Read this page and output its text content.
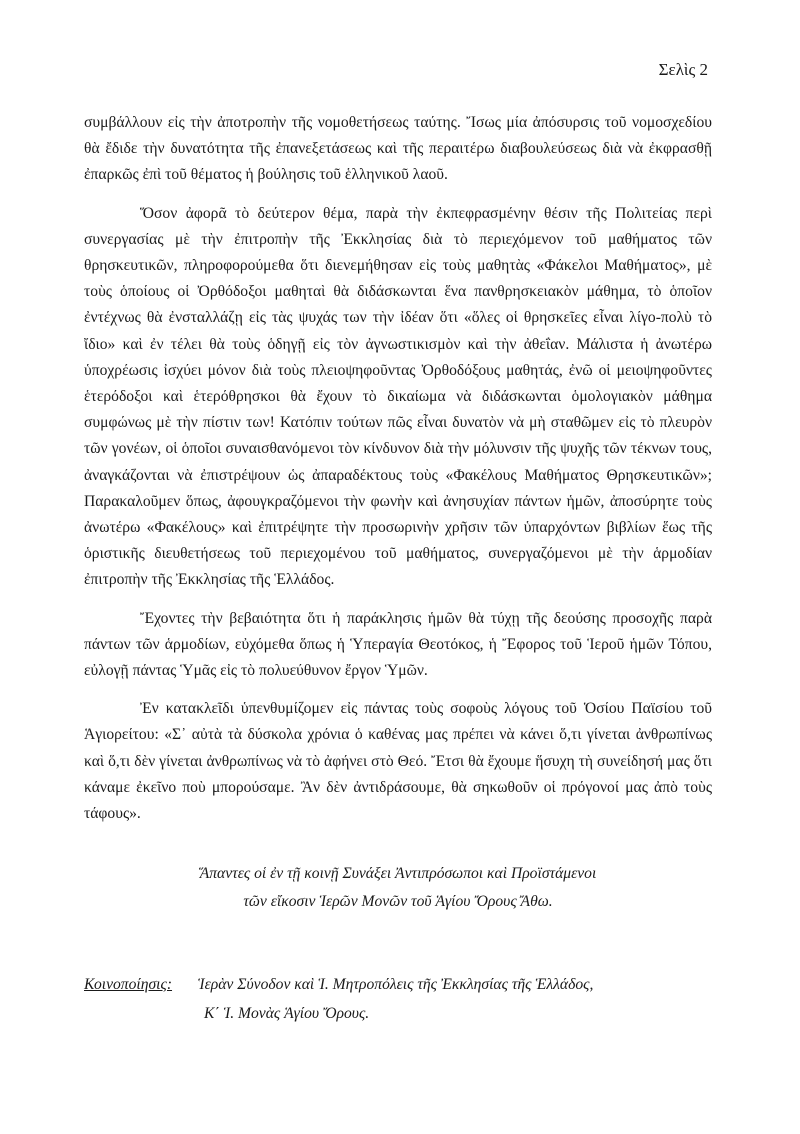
Σελὶς 2

συμβάλλουν εἰς τὴν ἀποτροπὴν τῆς νομοθετήσεως ταύτης. Ἴσως μία ἀπόσυρσις τοῦ νομοσχεδίου θὰ ἔδιδε τὴν δυνατότητα τῆς ἐπανεξετάσεως καὶ τῆς περαιτέρω διαβουλεύσεως διὰ νὰ ἐκφρασθῇ ἐπαρκῶς ἐπὶ τοῦ θέματος ἡ βούλησις τοῦ ἑλληνικοῦ λαοῦ.

Ὅσον ἀφορᾶ τὸ δεύτερον θέμα, παρὰ τὴν ἐκπεφρασμένην θέσιν τῆς Πολιτείας περὶ συνεργασίας μὲ τὴν ἐπιτροπὴν τῆς Ἐκκλησίας διὰ τὸ περιεχόμενον τοῦ μαθήματος τῶν θρησκευτικῶν, πληροφορούμεθα ὅτι διενεμήθησαν εἰς τοὺς μαθητὰς «Φάκελοι Μαθήματος», μὲ τοὺς ὁποίους οἱ Ὀρθόδοξοι μαθηταὶ θὰ διδάσκωνται ἕνα πανθρησκειακὸν μάθημα, τὸ ὁποῖον ἐντέχνως θὰ ἐνσταλλάζῃ εἰς τὰς ψυχάς των τὴν ἰδέαν ὅτι «ὅλες οἱ θρησκεῖες εἶναι λίγο-πολὺ τὸ ἴδιο» καὶ ἐν τέλει θὰ τοὺς ὁδηγῇ εἰς τὸν ἀγνωστικισμὸν καὶ τὴν ἀθεΐαν. Μάλιστα ἡ ἀνωτέρω ὑποχρέωσις ἰσχύει μόνον διὰ τοὺς πλειοψηφοῦντας Ὀρθοδόξους μαθητάς, ἐνῶ οἱ μειοψηφοῦντες ἑτερόδοξοι καὶ ἑτερόθρησκοι θὰ ἔχουν τὸ δικαίωμα νὰ διδάσκωνται ὁμολογιακὸν μάθημα συμφώνως μὲ τὴν πίστιν των! Κατόπιν τούτων πῶς εἶναι δυνατὸν νὰ μὴ σταθῶμεν εἰς τὸ πλευρὸν τῶν γονέων, οἱ ὁποῖοι συναισθανόμενοι τὸν κίνδυνον διὰ τὴν μόλυνσιν τῆς ψυχῆς τῶν τέκνων τους, ἀναγκάζονται νὰ ἐπιστρέψουν ὡς ἀπαραδέκτους τοὺς «Φακέλους Μαθήματος Θρησκευτικῶν»; Παρακαλοῦμεν ὅπως, ἀφουγκραζόμενοι τὴν φωνὴν καὶ ἀνησυχίαν πάντων ἡμῶν, ἀποσύρητε τοὺς ἀνωτέρω «Φακέλους» καὶ ἐπιτρέψητε τὴν προσωρινὴν χρῆσιν τῶν ὑπαρχόντων βιβλίων ἕως τῆς ὁριστικῆς διευθετήσεως τοῦ περιεχομένου τοῦ μαθήματος, συνεργαζόμενοι μὲ τὴν ἁρμοδίαν ἐπιτροπὴν τῆς Ἐκκλησίας τῆς Ἑλλάδος.

Ἔχοντες τὴν βεβαιότητα ὅτι ἡ παράκλησις ἡμῶν θὰ τύχῃ τῆς δεούσης προσοχῆς παρὰ πάντων τῶν ἁρμοδίων, εὐχόμεθα ὅπως ἡ Ὑπεραγία Θεοτόκος, ἡ Ἔφορος τοῦ Ἱεροῦ ἡμῶν Τόπου, εὐλογῇ πάντας Ὑμᾶς εἰς τὸ πολυεύθυνον ἔργον Ὑμῶν.

Ἐν κατακλεῖδι ὑπενθυμίζομεν εἰς πάντας τοὺς σοφοὺς λόγους τοῦ Ὁσίου Παϊσίου τοῦ Ἁγιορείτου: «Σ᾽ αὐτὰ τὰ δύσκολα χρόνια ὁ καθένας μας πρέπει νὰ κάνει ὅ,τι γίνεται ἀνθρωπίνως καὶ ὅ,τι δὲν γίνεται ἀνθρωπίνως νὰ τὸ ἀφήνει στὸ Θεό. Ἔτσι θὰ ἔχουμε ἥσυχη τὴ συνείδησή μας ὅτι κάναμε ἐκεῖνο ποὺ μπορούσαμε. Ἂν δὲν ἀντιδράσουμε, θὰ σηκωθοῦν οἱ πρόγονοί μας ἀπὸ τοὺς τάφους».

Ἅπαντες οἱ ἐν τῇ κοινῇ Συνάξει Ἀντιπρόσωποι καὶ Προϊστάμενοι
τῶν εἴκοσιν Ἱερῶν Μονῶν τοῦ Ἁγίου Ὄρους Ἄθω.
Κοινοποίησις: Ἱερὰν Σύνοδον καὶ Ἱ. Μητροπόλεις τῆς Ἐκκλησίας τῆς Ἑλλάδος,
Κ΄ Ἱ. Μονὰς Ἁγίου Ὄρους.
